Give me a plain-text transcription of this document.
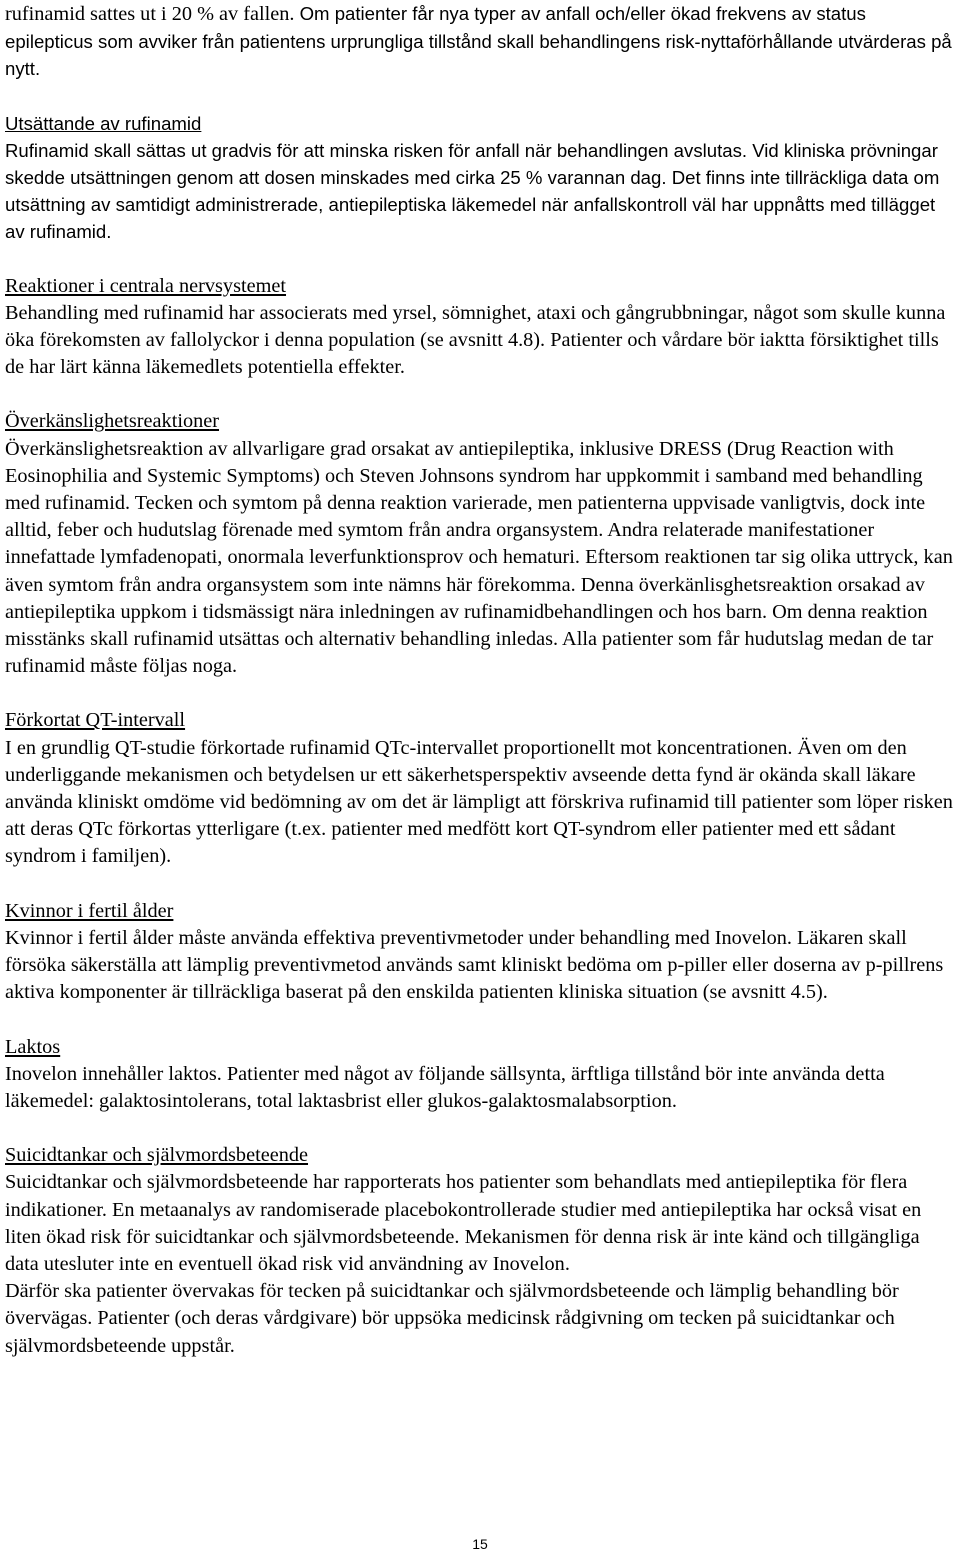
rufinamid sattes ut i 20 % av fallen. Om patienter får nya typer av anfall och/eller ökad frekvens av status epilepticus som avviker från patientens urprungliga tillstånd skall behandlingens risk-nyttaförhållande utvärderas på nytt.

Utsättande av rufinamid
Rufinamid skall sättas ut gradvis för att minska risken för anfall när behandlingen avslutas. Vid kliniska prövningar skedde utsättningen genom att dosen minskades med cirka 25 % varannan dag. Det finns inte tillräckliga data om utsättning av samtidigt administrerade, antiepileptiska läkemedel när anfallskontroll väl har uppnåtts med tillägget av rufinamid.
Reaktioner i centrala nervsystemet
Behandling med rufinamid har associerats med yrsel, sömnighet, ataxi och gångrubbningar, något som skulle kunna öka förekomsten av fallolyckor i denna population (se avsnitt 4.8). Patienter och vårdare bör iaktta försiktighet tills de har lärt känna läkemedlets potentiella effekter.
Överkänslighetsreaktioner
Överkänslighetsreaktion av allvarligare grad orsakat av antiepileptika, inklusive DRESS (Drug Reaction with Eosinophilia and Systemic Symptoms) och Steven Johnsons syndrom har uppkommit i samband med behandling med rufinamid. Tecken och symtom på denna reaktion varierade, men patienterna uppvisade vanligtvis, dock inte alltid, feber och hudutslag förenade med symtom från andra organsystem. Andra relaterade manifestationer innefattade lymfadenopati, onormala leverfunktionsprov och hematuri. Eftersom reaktionen tar sig olika uttryck, kan även symtom från andra organsystem som inte nämns här förekomma. Denna överkänlisghetsreaktion orsakad av antiepileptika uppkom i tidsmässigt nära inledningen av rufinamidbehandlingen och hos barn. Om denna reaktion misstänks skall rufinamid utsättas och alternativ behandling inledas. Alla patienter som får hudutslag medan de tar rufinamid måste följas noga.
Förkortat QT-intervall
I en grundlig QT-studie förkortade rufinamid QTc-intervallet proportionellt mot koncentrationen. Även om den underliggande mekanismen och betydelsen ur ett säkerhetsperspektiv avseende detta fynd är okända skall läkare använda kliniskt omdöme vid bedömning av om det är lämpligt att förskriva rufinamid till patienter som löper risken att deras QTc förkortas ytterligare (t.ex. patienter med medfött kort QT-syndrom eller patienter med ett sådant syndrom i familjen).
Kvinnor i fertil ålder
Kvinnor i fertil ålder måste använda effektiva preventivmetoder under behandling med Inovelon. Läkaren skall försöka säkerställa att lämplig preventivmetod används samt kliniskt bedöma om p-piller eller doserna av p-pillrens aktiva komponenter är tillräckliga baserat på den enskilda patienten kliniska situation (se avsnitt 4.5).
Laktos
Inovelon innehåller laktos. Patienter med något av följande sällsynta, ärftliga tillstånd bör inte använda detta läkemedel: galaktosintolerans, total laktasbrist eller glukos-galaktosmalabsorption.
Suicidtankar och självmordsbeteende
Suicidtankar och självmordsbeteende har rapporterats hos patienter som behandlats med antiepileptika för flera indikationer. En metaanalys av randomiserade placebokontrollerade studier med antiepileptika har också visat en liten ökad risk för suicidtankar och självmordsbeteende. Mekanismen för denna risk är inte känd och tillgängliga data utesluter inte en eventuell ökad risk vid användning av Inovelon.
Därför ska patienter övervakas för tecken på suicidtankar och självmordsbeteende och lämplig behandling bör övervägas. Patienter (och deras vårdgivare) bör uppsöka medicinsk rådgivning om tecken på suicidtankar och självmordsbeteende uppstår.
15
